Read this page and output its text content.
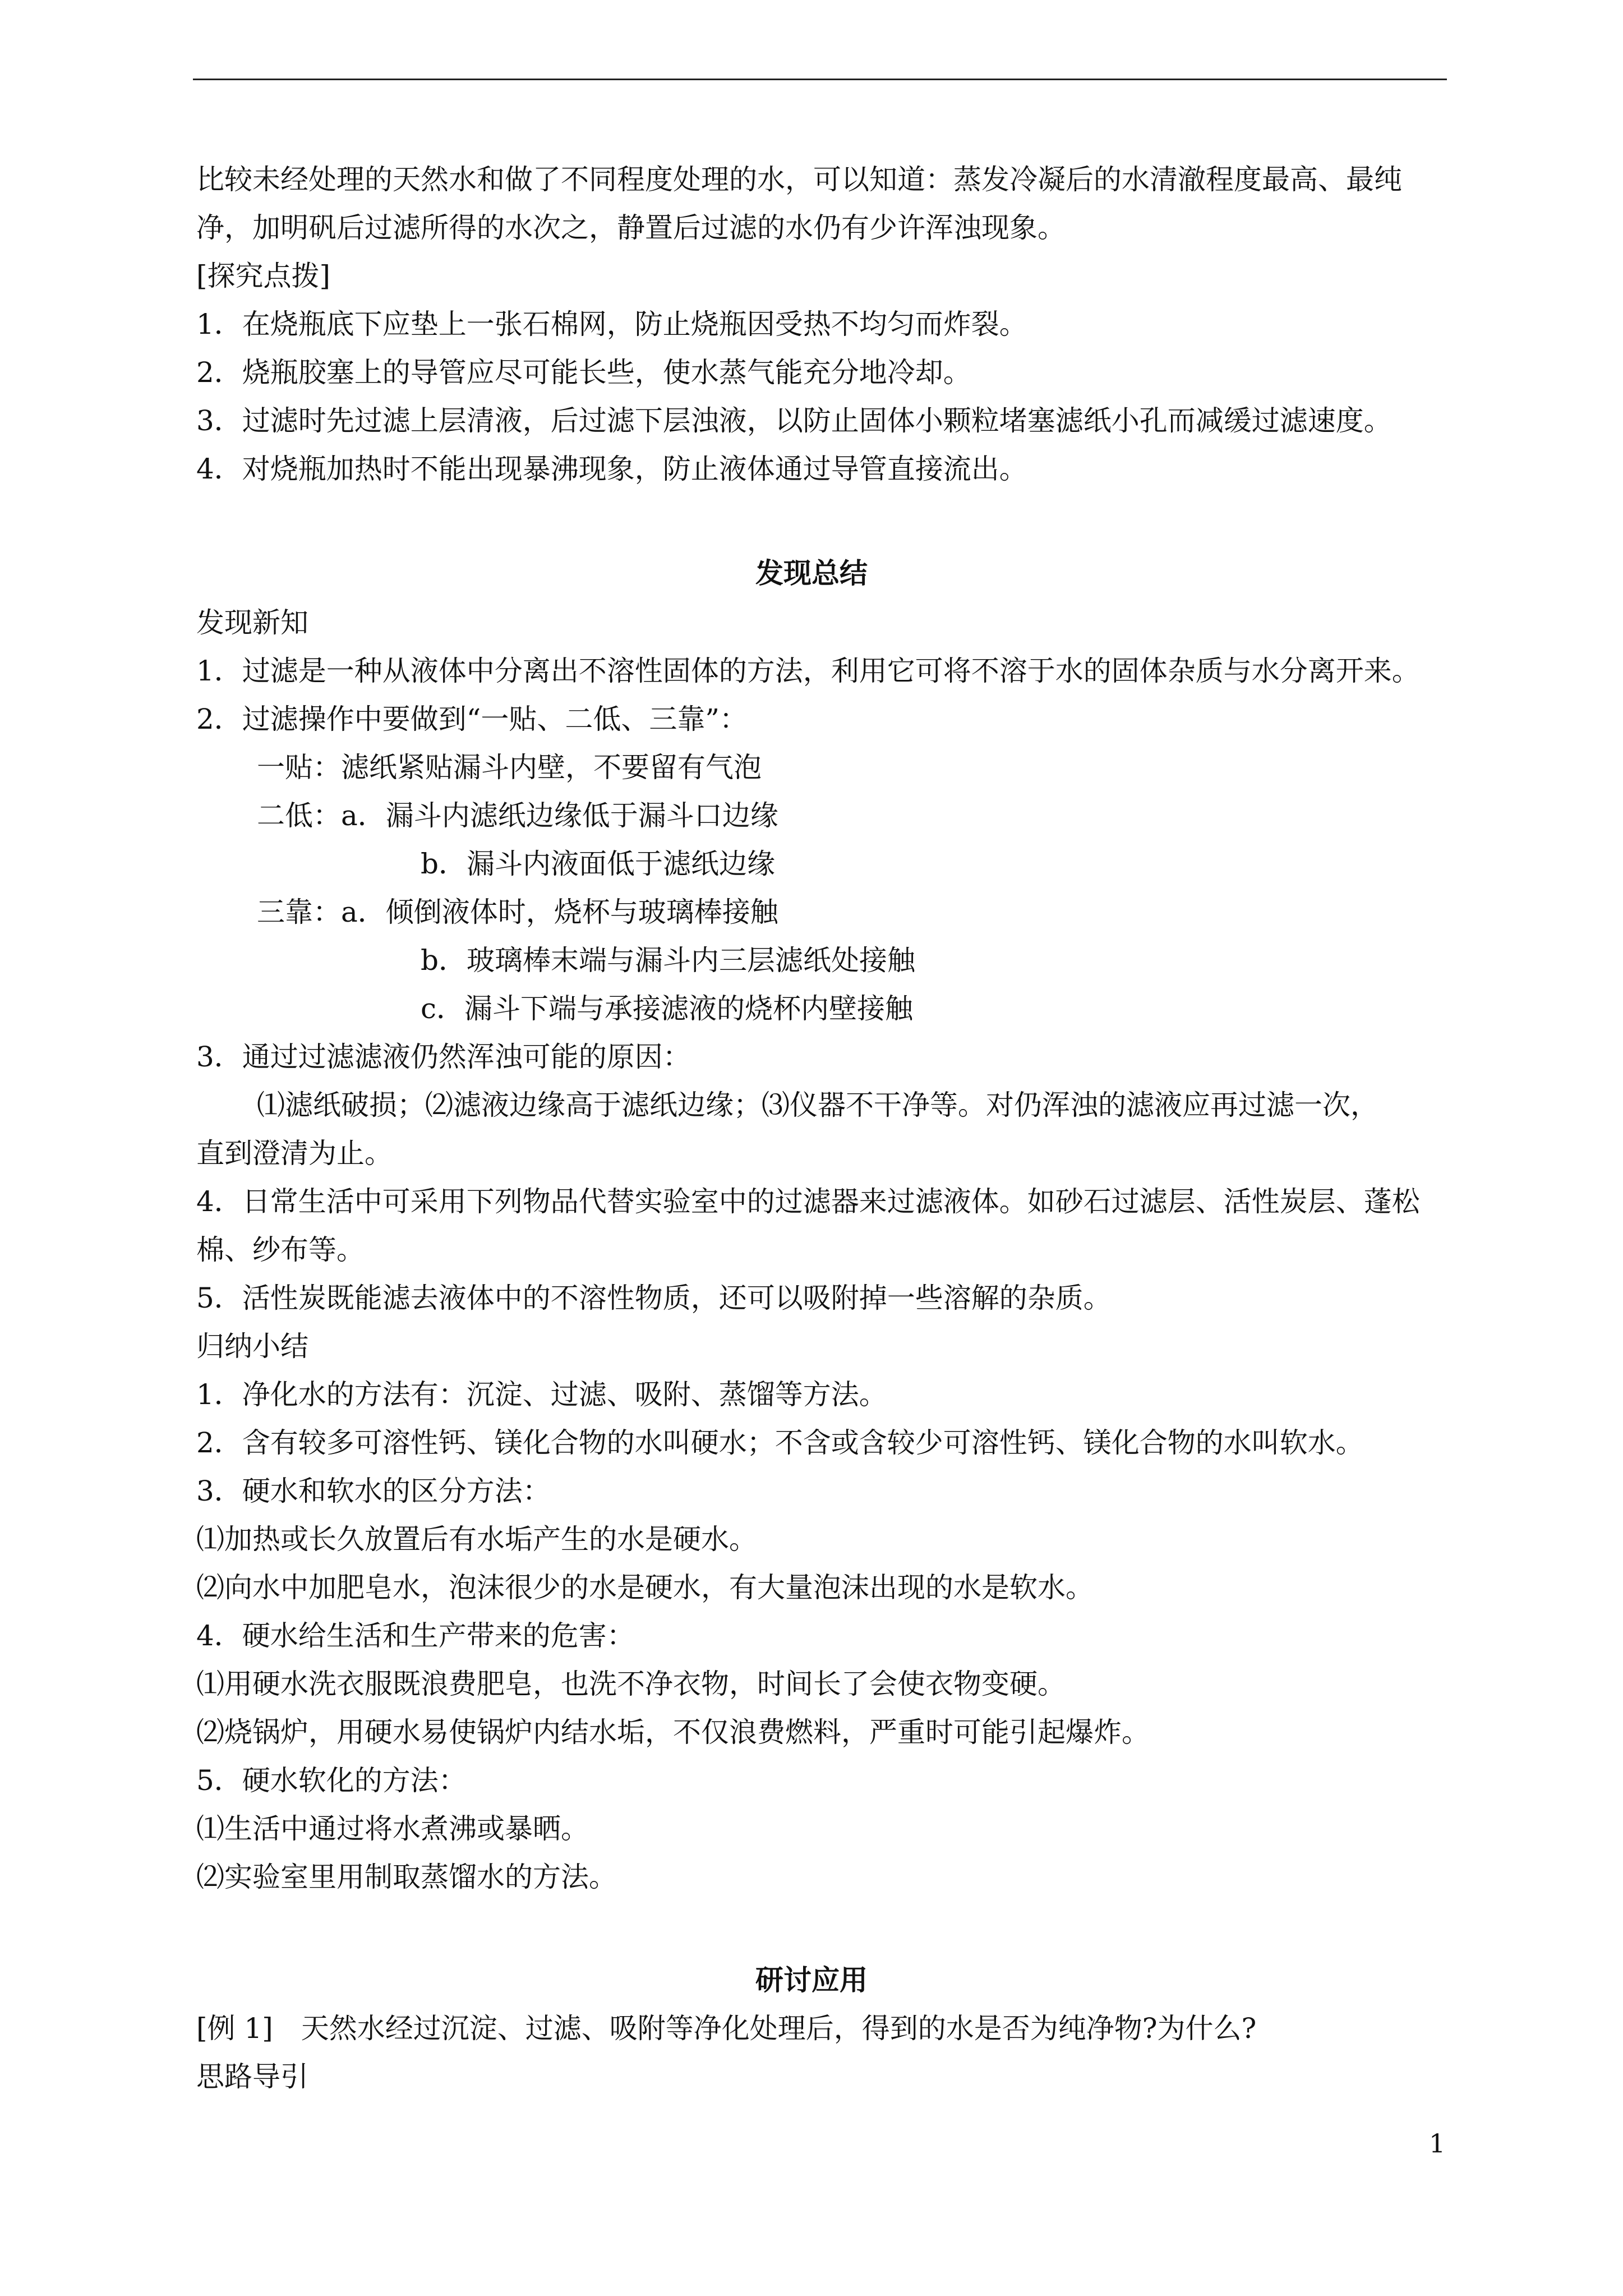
比较未经处理的天然水和做了不同程度处理的水，可以知道：蒸发冷凝后的水清澈程度最高、最纯
净，加明矾后过滤所得的水次之，静置后过滤的水仍有少许浑浊现象。
[探究点拨]
1．在烧瓶底下应垫上一张石棉网，防止烧瓶因受热不均匀而炸裂。
2．烧瓶胶塞上的导管应尽可能长些，使水蒸气能充分地冷却。
3．过滤时先过滤上层清液，后过滤下层浊液，以防止固体小颗粒堵塞滤纸小孔而减缓过滤速度。
4．对烧瓶加热时不能出现暴沸现象，防止液体通过导管直接流出。
发现总结
发现新知
1．过滤是一种从液体中分离出不溶性固体的方法，利用它可将不溶于水的固体杂质与水分离开来。
2．过滤操作中要做到“一贴、二低、三靠”：
一贴：滤纸紧贴漏斗内壁，不要留有气泡
二低：a．漏斗内滤纸边缘低于漏斗口边缘
b．漏斗内液面低于滤纸边缘
三靠：a．倾倒液体时，烧杯与玻璃棒接触
b．玻璃棒末端与漏斗内三层滤纸处接触
c．漏斗下端与承接滤液的烧杯内壁接触
3．通过过滤滤液仍然浑浊可能的原因：
⑴滤纸破损；⑵滤液边缘高于滤纸边缘；⑶仪器不干净等。对仍浑浊的滤液应再过滤一次，
直到澄清为止。
4．日常生活中可采用下列物品代替实验室中的过滤器来过滤液体。如砂石过滤层、活性炭层、蓬松
棉、纱布等。
5．活性炭既能滤去液体中的不溶性物质，还可以吸附掉一些溶解的杂质。
归纳小结
1．净化水的方法有：沉淀、过滤、吸附、蒸馏等方法。
2．含有较多可溶性钙、镁化合物的水叫硬水；不含或含较少可溶性钙、镁化合物的水叫软水。
3．硬水和软水的区分方法：
⑴加热或长久放置后有水垢产生的水是硬水。
⑵向水中加肥皂水，泡沫很少的水是硬水，有大量泡沫出现的水是软水。
4．硬水给生活和生产带来的危害：
⑴用硬水洗衣服既浪费肥皂，也洗不净衣物，时间长了会使衣物变硬。
⑵烧锅炉，用硬水易使锅炉内结水垢，不仅浪费燃料，严重时可能引起爆炸。
5．硬水软化的方法：
⑴生活中通过将水煮沸或暴晒。
⑵实验室里用制取蒸馏水的方法。
研讨应用
[例 1]　天然水经过沉淀、过滤、吸附等净化处理后，得到的水是否为纯净物?为什么?
思路导引
1
